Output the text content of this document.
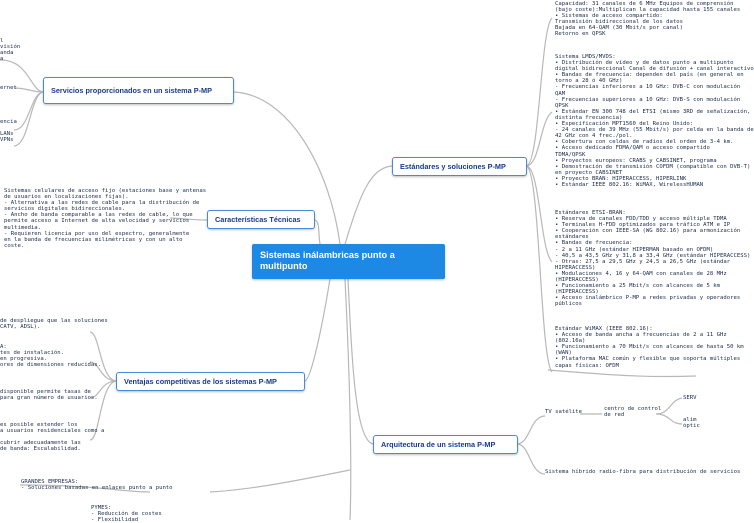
Sistemas inálambricas punto a multipunto
Servicios proporcionados en un sistema P-MP
Características Técnicas
Ventajas competitivas de los sistemas P-MP
Estándares y soluciones P-MP
Arquitectura de un sistema P-MP
l
visión
anda
a
ernet
encia

LANs
VPNs
Sistemas celulares de acceso fijo (estaciones base y antenas
de usuarios en localizaciones fijas).
- Alternativa a las redes de cable para la distribución de
servicios digitales bidireccionales.
- Ancho de banda comparable a las redes de cable, lo que
permite acceso a Internet de alta velocidad y servicios
multimedia.
- Requieren licencia por uso del espectro, generalmente
en la banda de frecuencias milimétricas y con un alto
coste.
de despliegue que las soluciones
CATV, ADSL).
A:
tes de instalación.
en progresiva.
ores de dimensiones reducidas.
disponible permite tasas de
para gran número de usuarios.
es posible extender los
a usuarios residenciales como a

cubrir adecuadamente las
de banda: Escalabilidad.
GRANDES EMPRESAS:
- Soluciones basadas en enlaces punto a punto
PYMES:
- Reducción de costes
- Flexibilidad
Capacidad: 31 canales de 6 MHz Equipos de comprensión
(bajo coste):Multiplican la capacidad hasta 155 canales
• Sistemas de acceso compartido:
Transmisión bidireccional de los datos
Bajada en 64-QAM (30 Mbit/s por canal)
Retorno en QPSK
Sistema LMDS/MVDS:
• Distribución de vídeo y de datos punto a multipunto
digital bidireccional Canal de difusión + canal interactivo
• Bandas de frecuencia: dependen del país (en general en
torno a 28 ó 40 GHz)
- Frecuencias inferiores a 10 GHz: DVB-C con modulación
QAM
- Frecuencias superiores a 10 GHz: DVB-S con modulación
QPSK
• Estándar EN 300 748 del ETSI (mismo 3RD de señalización,
distinta frecuencia)
• Especificación MPT1560 del Reino Unido:
- 24 canales de 39 MHz (55 Mbit/s) por celda en la banda de
42 GHz con 4 frec./pol.
• Cobertura con celdas de radios del orden de 3-4 km.
• Acceso dedicado FDMA/QAM o acceso compartido
TDMA/QPSK
• Proyectos europeos: CRABS y CABSINET, programa
• Demostración de transmisión COFDM (compatible con DVB-T)
en proyecto CABSINET
• Proyecto BRAN: HIPERACCESS, HIPERLINK
• Estándar IEEE 802.16: WiMAX, WirelessHUMAN
Estándares ETSI-BRAN:
• Reserva de canales FDD/TDD y acceso múltiple TDMA
• Terminales H-FDD optimizados para tráfico ATM e IP
• Cooperación con IEEE-SA (WG 802.16) para armonización
estándares
• Bandas de frecuencia:
- 2 a 11 GHz (estándar HIPERMAN basado en OFDM)
- 40,5 a 43,5 GHz y 31,8 a 33,4 GHz (estándar HIPERACCESS)
- Otras: 27,5 a 29,5 GHz y 24,5 a 26,5 GHz (estándar
HIPERACCESS)
• Modulaciones 4, 16 y 64-QAM con canales de 28 MHz
(HIPERACCESS)
• Funcionamiento a 25 Mbit/s con alcances de 5 km
(HIPERACCESS)
• Acceso inalámbrico P-MP a redes privadas y operadores
públicos
Estándar WiMAX (IEEE 802.16):
• Acceso de banda ancha a frecuencias de 2 a 11 GHz
(802.16a)
• Funcionamiento a 70 Mbit/s con alcances de hasta 50 km
(WAN)
• Plataforma MAC común y flexible que soporta múltiples
capas físicas: OFDM
TV satélite	centro de control
de red
SERV
alim
óptic
Sistema híbrido radio-fibra para distribución de servicios
